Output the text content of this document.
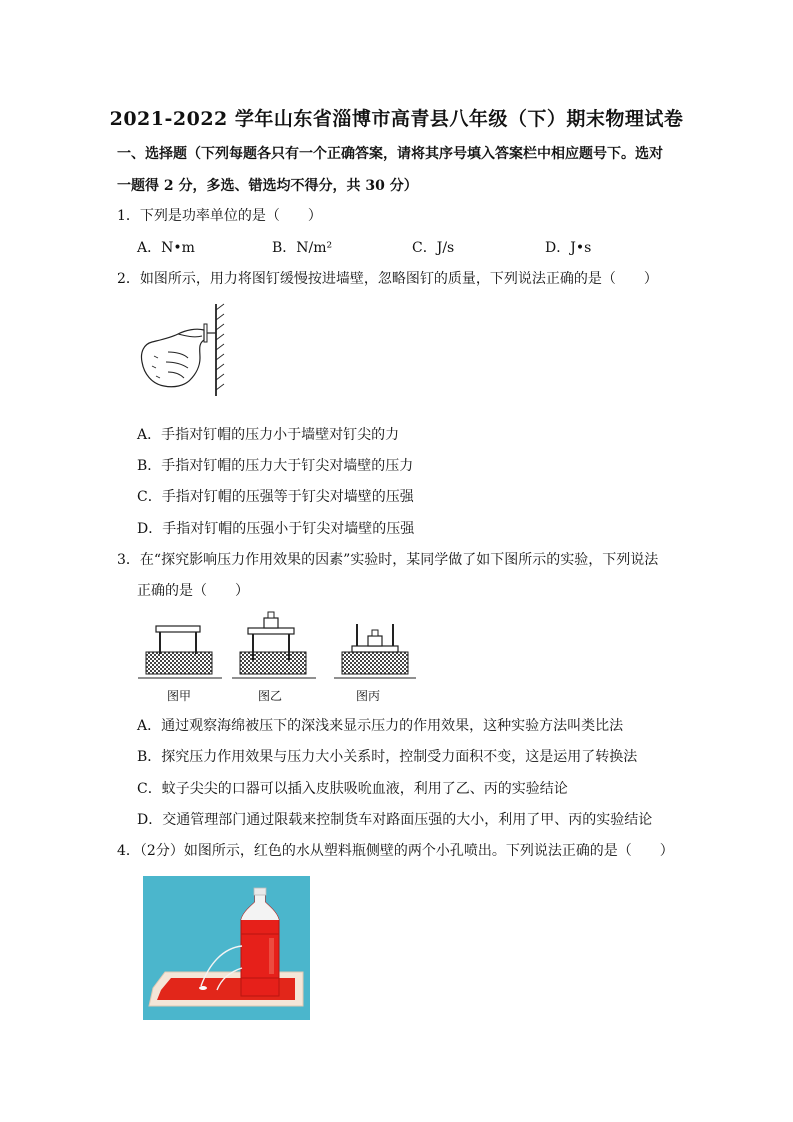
2021-2022 学年山东省淄博市高青县八年级（下）期末物理试卷
一、选择题（下列每题各只有一个正确答案，请将其序号填入答案栏中相应题号下。选对
一题得 2 分，多选、错选均不得分，共 30 分）
1．下列是功率单位的是（　　）
A．N•m	B．N/m²	C．J/s	D．J•s
2．如图所示，用力将图钉缓慢按进墙壁，忽略图钉的质量，下列说法正确的是（　　）
A．手指对钉帽的压力小于墙壁对钉尖的力
B．手指对钉帽的压力大于钉尖对墙壁的压力
C．手指对钉帽的压强等于钉尖对墙壁的压强
D．手指对钉帽的压强小于钉尖对墙壁的压强
3．在“探究影响压力作用效果的因素”实验时，某同学做了如下图所示的实验，下列说法
正确的是（　　）
图甲	图乙	图丙
A．通过观察海绵被压下的深浅来显示压力的作用效果，这种实验方法叫类比法
B．探究压力作用效果与压力大小关系时，控制受力面积不变，这是运用了转换法
C．蚊子尖尖的口器可以插入皮肤吸吮血液，利用了乙、丙的实验结论
D．交通管理部门通过限载来控制货车对路面压强的大小，利用了甲、丙的实验结论
4．（2分）如图所示，红色的水从塑料瓶侧壁的两个小孔喷出。下列说法正确的是（　　）
